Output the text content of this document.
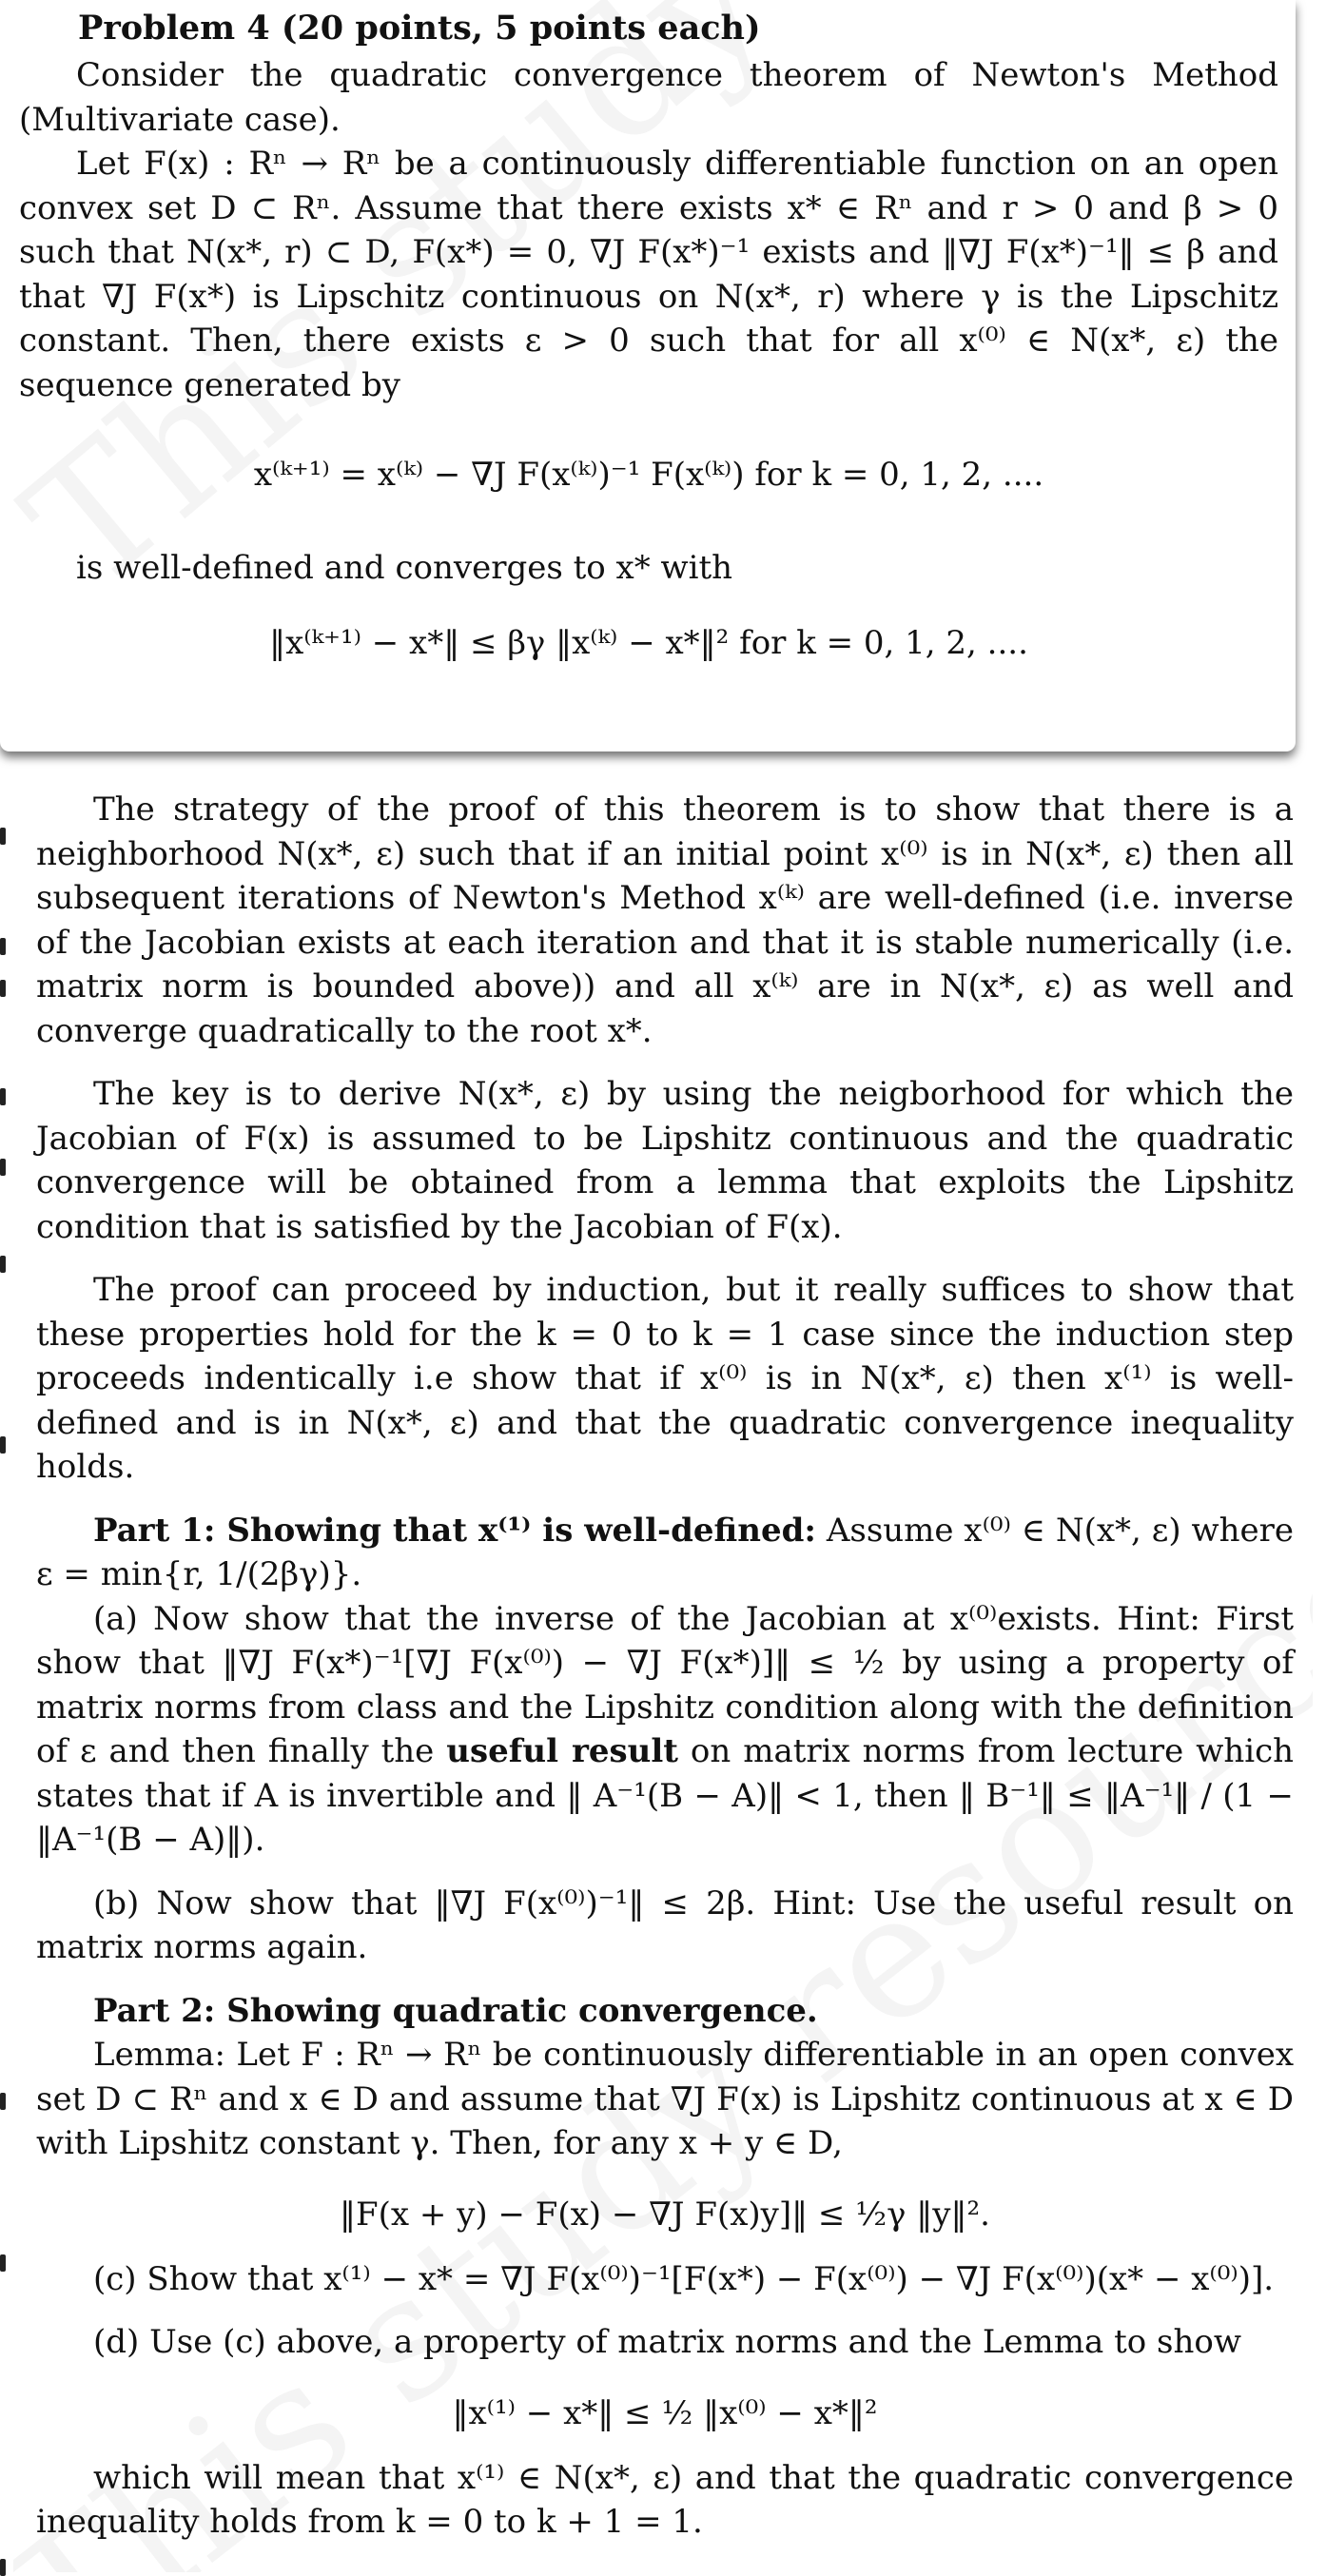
Problem 4 (20 points, 5 points each)

Consider the quadratic convergence theorem of Newton's Method (Multivariate case).

Let F(x) : Rⁿ → Rⁿ be a continuously differentiable function on an open convex set D ⊂ Rⁿ. Assume that there exists x* ∈ Rⁿ and r > 0 and β > 0 such that N(x*, r) ⊂ D, F(x*) = 0, ∇J F(x*)⁻¹ exists and ‖∇J F(x*)⁻¹‖ ≤ β and that ∇J F(x*) is Lipschitz continuous on N(x*, r) where γ is the Lipschitz constant. Then, there exists ε > 0 such that for all x⁽⁰⁾ ∈ N(x*, ε) the sequence generated by

x⁽ᵏ⁺¹⁾ = x⁽ᵏ⁾ − ∇J F(x⁽ᵏ⁾)⁻¹ F(x⁽ᵏ⁾) for k = 0, 1, 2, ....

is well-defined and converges to x* with

‖x⁽ᵏ⁺¹⁾ − x*‖ ≤ βγ ‖x⁽ᵏ⁾ − x*‖² for k = 0, 1, 2, ....

The strategy of the proof of this theorem is to show that there is a neighborhood N(x*, ε) such that if an initial point x⁽⁰⁾ is in N(x*, ε) then all subsequent iterations of Newton's Method x⁽ᵏ⁾ are well-defined (i.e. inverse of the Jacobian exists at each iteration and that it is stable numerically (i.e. matrix norm is bounded above)) and all x⁽ᵏ⁾ are in N(x*, ε) as well and converge quadratically to the root x*.

The key is to derive N(x*, ε) by using the neigborhood for which the Jacobian of F(x) is assumed to be Lipshitz continuous and the quadratic convergence will be obtained from a lemma that exploits the Lipshitz condition that is satisfied by the Jacobian of F(x).

The proof can proceed by induction, but it really suffices to show that these properties hold for the k = 0 to k = 1 case since the induction step proceeds indentically i.e show that if x⁽⁰⁾ is in N(x*, ε) then x⁽¹⁾ is well-defined and is in N(x*, ε) and that the quadratic convergence inequality holds.

Part 1: Showing that x⁽¹⁾ is well-defined: Assume x⁽⁰⁾ ∈ N(x*, ε) where ε = min{r, 1/(2βγ)}.

(a) Now show that the inverse of the Jacobian at x⁽⁰⁾exists. Hint: First show that ‖∇J F(x*)⁻¹[∇J F(x⁽⁰⁾) − ∇J F(x*)]‖ ≤ ½ by using a property of matrix norms from class and the Lipshitz condition along with the definition of ε and then finally the useful result on matrix norms from lecture which states that if A is invertible and ‖ A⁻¹(B − A)‖ < 1, then ‖ B⁻¹‖ ≤ ‖A⁻¹‖ / (1 − ‖A⁻¹(B − A)‖).

(b) Now show that ‖∇J F(x⁽⁰⁾)⁻¹‖ ≤ 2β. Hint: Use the useful result on matrix norms again.

Part 2: Showing quadratic convergence.

Lemma: Let F : Rⁿ → Rⁿ be continuously differentiable in an open convex set D ⊂ Rⁿ and x ∈ D and assume that ∇J F(x) is Lipshitz continuous at x ∈ D with Lipshitz constant γ. Then, for any x + y ∈ D,

‖F(x + y) − F(x) − ∇J F(x)y]‖ ≤ ½γ ‖y‖².

(c) Show that x⁽¹⁾ − x* = ∇J F(x⁽⁰⁾)⁻¹[F(x*) − F(x⁽⁰⁾) − ∇J F(x⁽⁰⁾)(x* − x⁽⁰⁾)].

(d) Use (c) above, a property of matrix norms and the Lemma to show

‖x⁽¹⁾ − x*‖ ≤ ½ ‖x⁽⁰⁾ − x*‖²

which will mean that x⁽¹⁾ ∈ N(x*, ε) and that the quadratic convergence inequality holds from k = 0 to k + 1 = 1.
